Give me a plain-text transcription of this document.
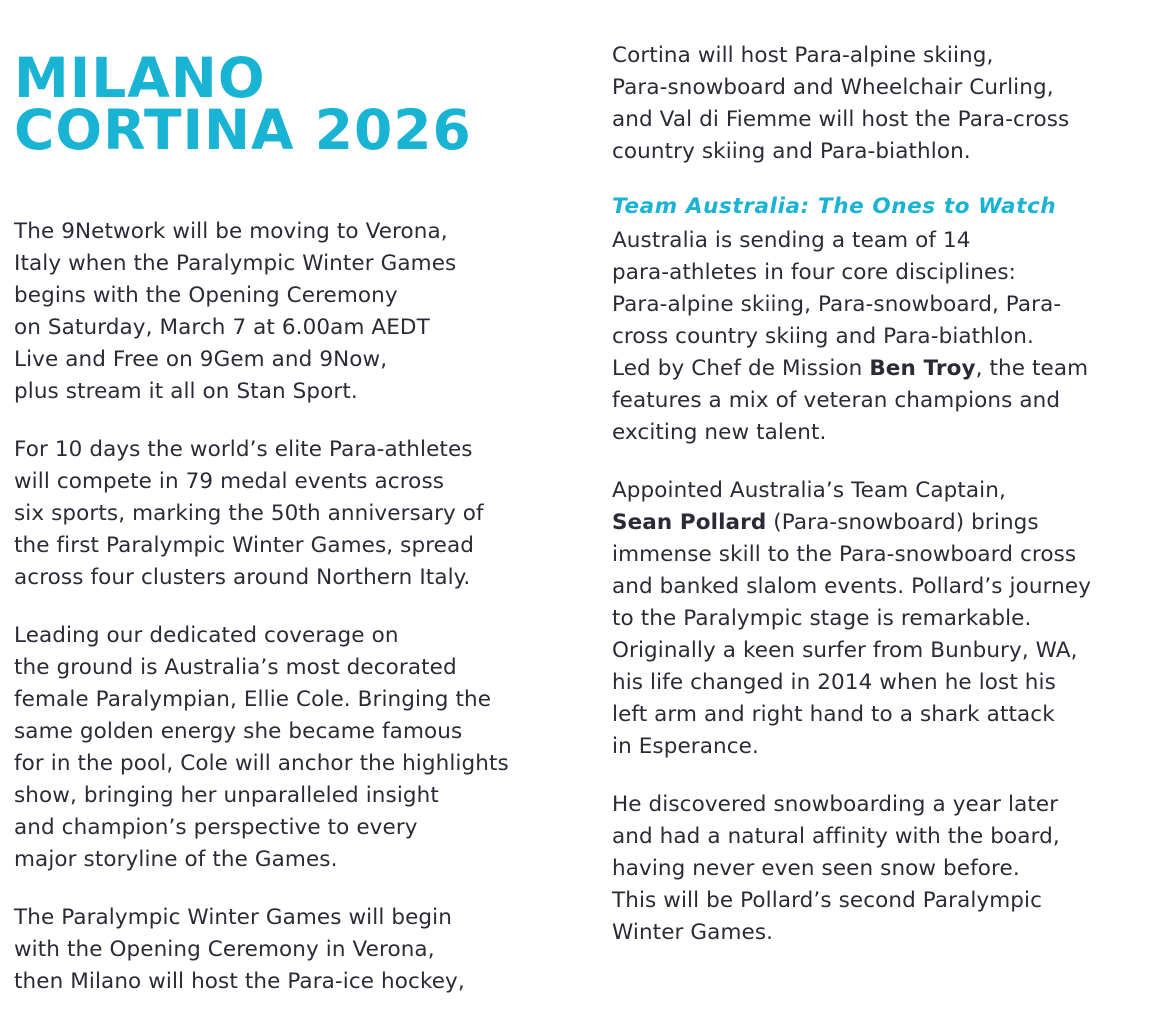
MILANO
CORTINA 2026

The 9Network will be moving to Verona,
Italy when the Paralympic Winter Games
begins with the Opening Ceremony
on Saturday, March 7 at 6.00am AEDT
Live and Free on 9Gem and 9Now,
plus stream it all on Stan Sport.

For 10 days the world’s elite Para-athletes
will compete in 79 medal events across
six sports, marking the 50th anniversary of
the first Paralympic Winter Games, spread
across four clusters around Northern Italy.

Leading our dedicated coverage on
the ground is Australia’s most decorated
female Paralympian, Ellie Cole. Bringing the
same golden energy she became famous
for in the pool, Cole will anchor the highlights
show, bringing her unparalleled insight
and champion’s perspective to every
major storyline of the Games.

The Paralympic Winter Games will begin
with the Opening Ceremony in Verona,
then Milano will host the Para-ice hockey,

Cortina will host Para-alpine skiing,
Para-snowboard and Wheelchair Curling,
and Val di Fiemme will host the Para-cross
country skiing and Para-biathlon.

Team Australia: The Ones to Watch

Australia is sending a team of 14
para-athletes in four core disciplines:
Para-alpine skiing, Para-snowboard, Para-
cross country skiing and Para-biathlon.
Led by Chef de Mission Ben Troy, the team
features a mix of veteran champions and
exciting new talent.

Appointed Australia’s Team Captain,
Sean Pollard (Para-snowboard) brings
immense skill to the Para-snowboard cross
and banked slalom events. Pollard’s journey
to the Paralympic stage is remarkable.
Originally a keen surfer from Bunbury, WA,
his life changed in 2014 when he lost his
left arm and right hand to a shark attack
in Esperance.

He discovered snowboarding a year later
and had a natural affinity with the board,
having never even seen snow before.
This will be Pollard’s second Paralympic
Winter Games.
